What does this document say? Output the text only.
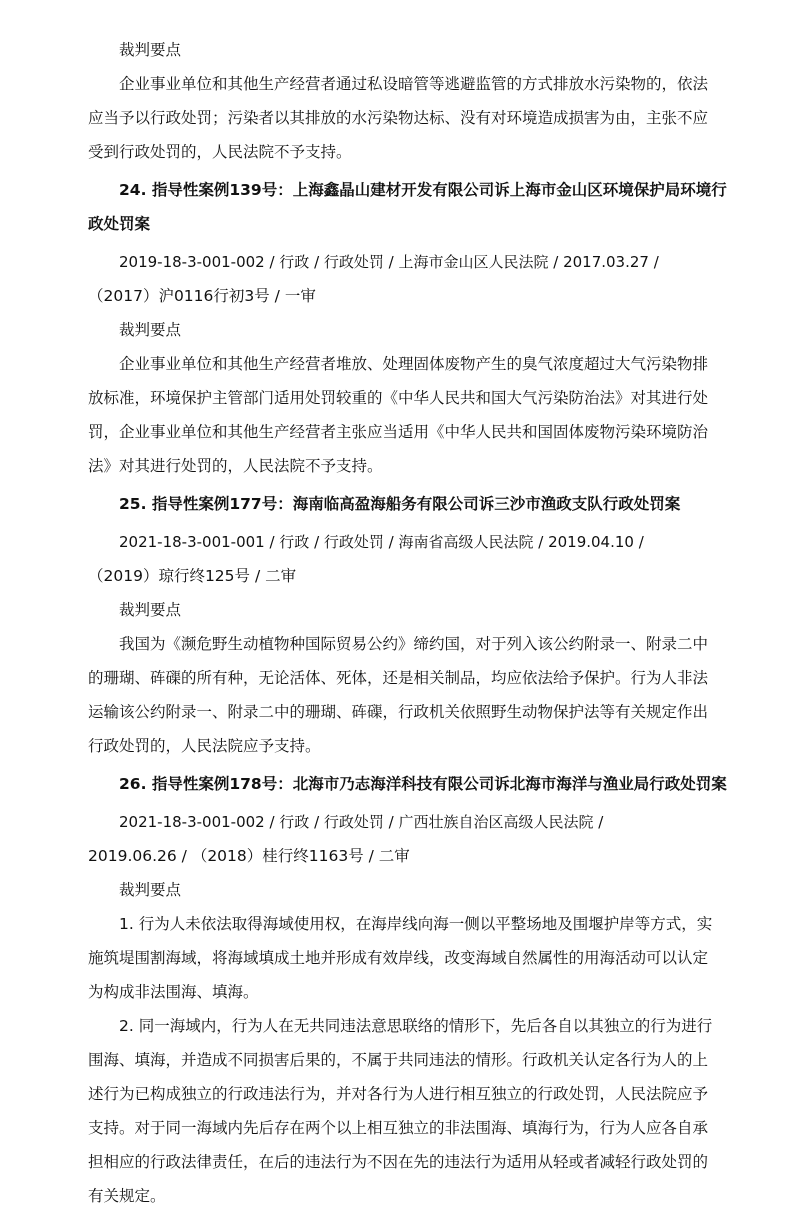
裁判要点

企业事业单位和其他生产经营者通过私设暗管等逃避监管的方式排放水污染物的，依法

应当予以行政处罚；污染者以其排放的水污染物达标、没有对环境造成损害为由，主张不应

受到行政处罚的，人民法院不予支持。

24. 指导性案例139号：上海鑫晶山建材开发有限公司诉上海市金山区环境保护局环境行

政处罚案

2019-18-3-001-002 / 行政 / 行政处罚 / 上海市金山区人民法院 / 2017.03.27 /

（2017）沪0116行初3号 / 一审

裁判要点

企业事业单位和其他生产经营者堆放、处理固体废物产生的臭气浓度超过大气污染物排

放标准，环境保护主管部门适用处罚较重的《中华人民共和国大气污染防治法》对其进行处

罚，企业事业单位和其他生产经营者主张应当适用《中华人民共和国固体废物污染环境防治

法》对其进行处罚的，人民法院不予支持。

25. 指导性案例177号：海南临高盈海船务有限公司诉三沙市渔政支队行政处罚案

2021-18-3-001-001 / 行政 / 行政处罚 / 海南省高级人民法院 / 2019.04.10 /

（2019）琼行终125号 / 二审

裁判要点

我国为《濒危野生动植物种国际贸易公约》缔约国，对于列入该公约附录一、附录二中

的珊瑚、砗磲的所有种，无论活体、死体，还是相关制品，均应依法给予保护。行为人非法

运输该公约附录一、附录二中的珊瑚、砗磲，行政机关依照野生动物保护法等有关规定作出

行政处罚的，人民法院应予支持。

26. 指导性案例178号：北海市乃志海洋科技有限公司诉北海市海洋与渔业局行政处罚案

2021-18-3-001-002 / 行政 / 行政处罚 / 广西壮族自治区高级人民法院 /

2019.06.26 / （2018）桂行终1163号 / 二审

裁判要点

1. 行为人未依法取得海域使用权，在海岸线向海一侧以平整场地及围堰护岸等方式，实

施筑堤围割海域，将海域填成土地并形成有效岸线，改变海域自然属性的用海活动可以认定

为构成非法围海、填海。

2. 同一海域内，行为人在无共同违法意思联络的情形下，先后各自以其独立的行为进行

围海、填海，并造成不同损害后果的，不属于共同违法的情形。行政机关认定各行为人的上

述行为已构成独立的行政违法行为，并对各行为人进行相互独立的行政处罚，人民法院应予

支持。对于同一海域内先后存在两个以上相互独立的非法围海、填海行为，行为人应各自承

担相应的行政法律责任，在后的违法行为不因在先的违法行为适用从轻或者减轻行政处罚的

有关规定。
